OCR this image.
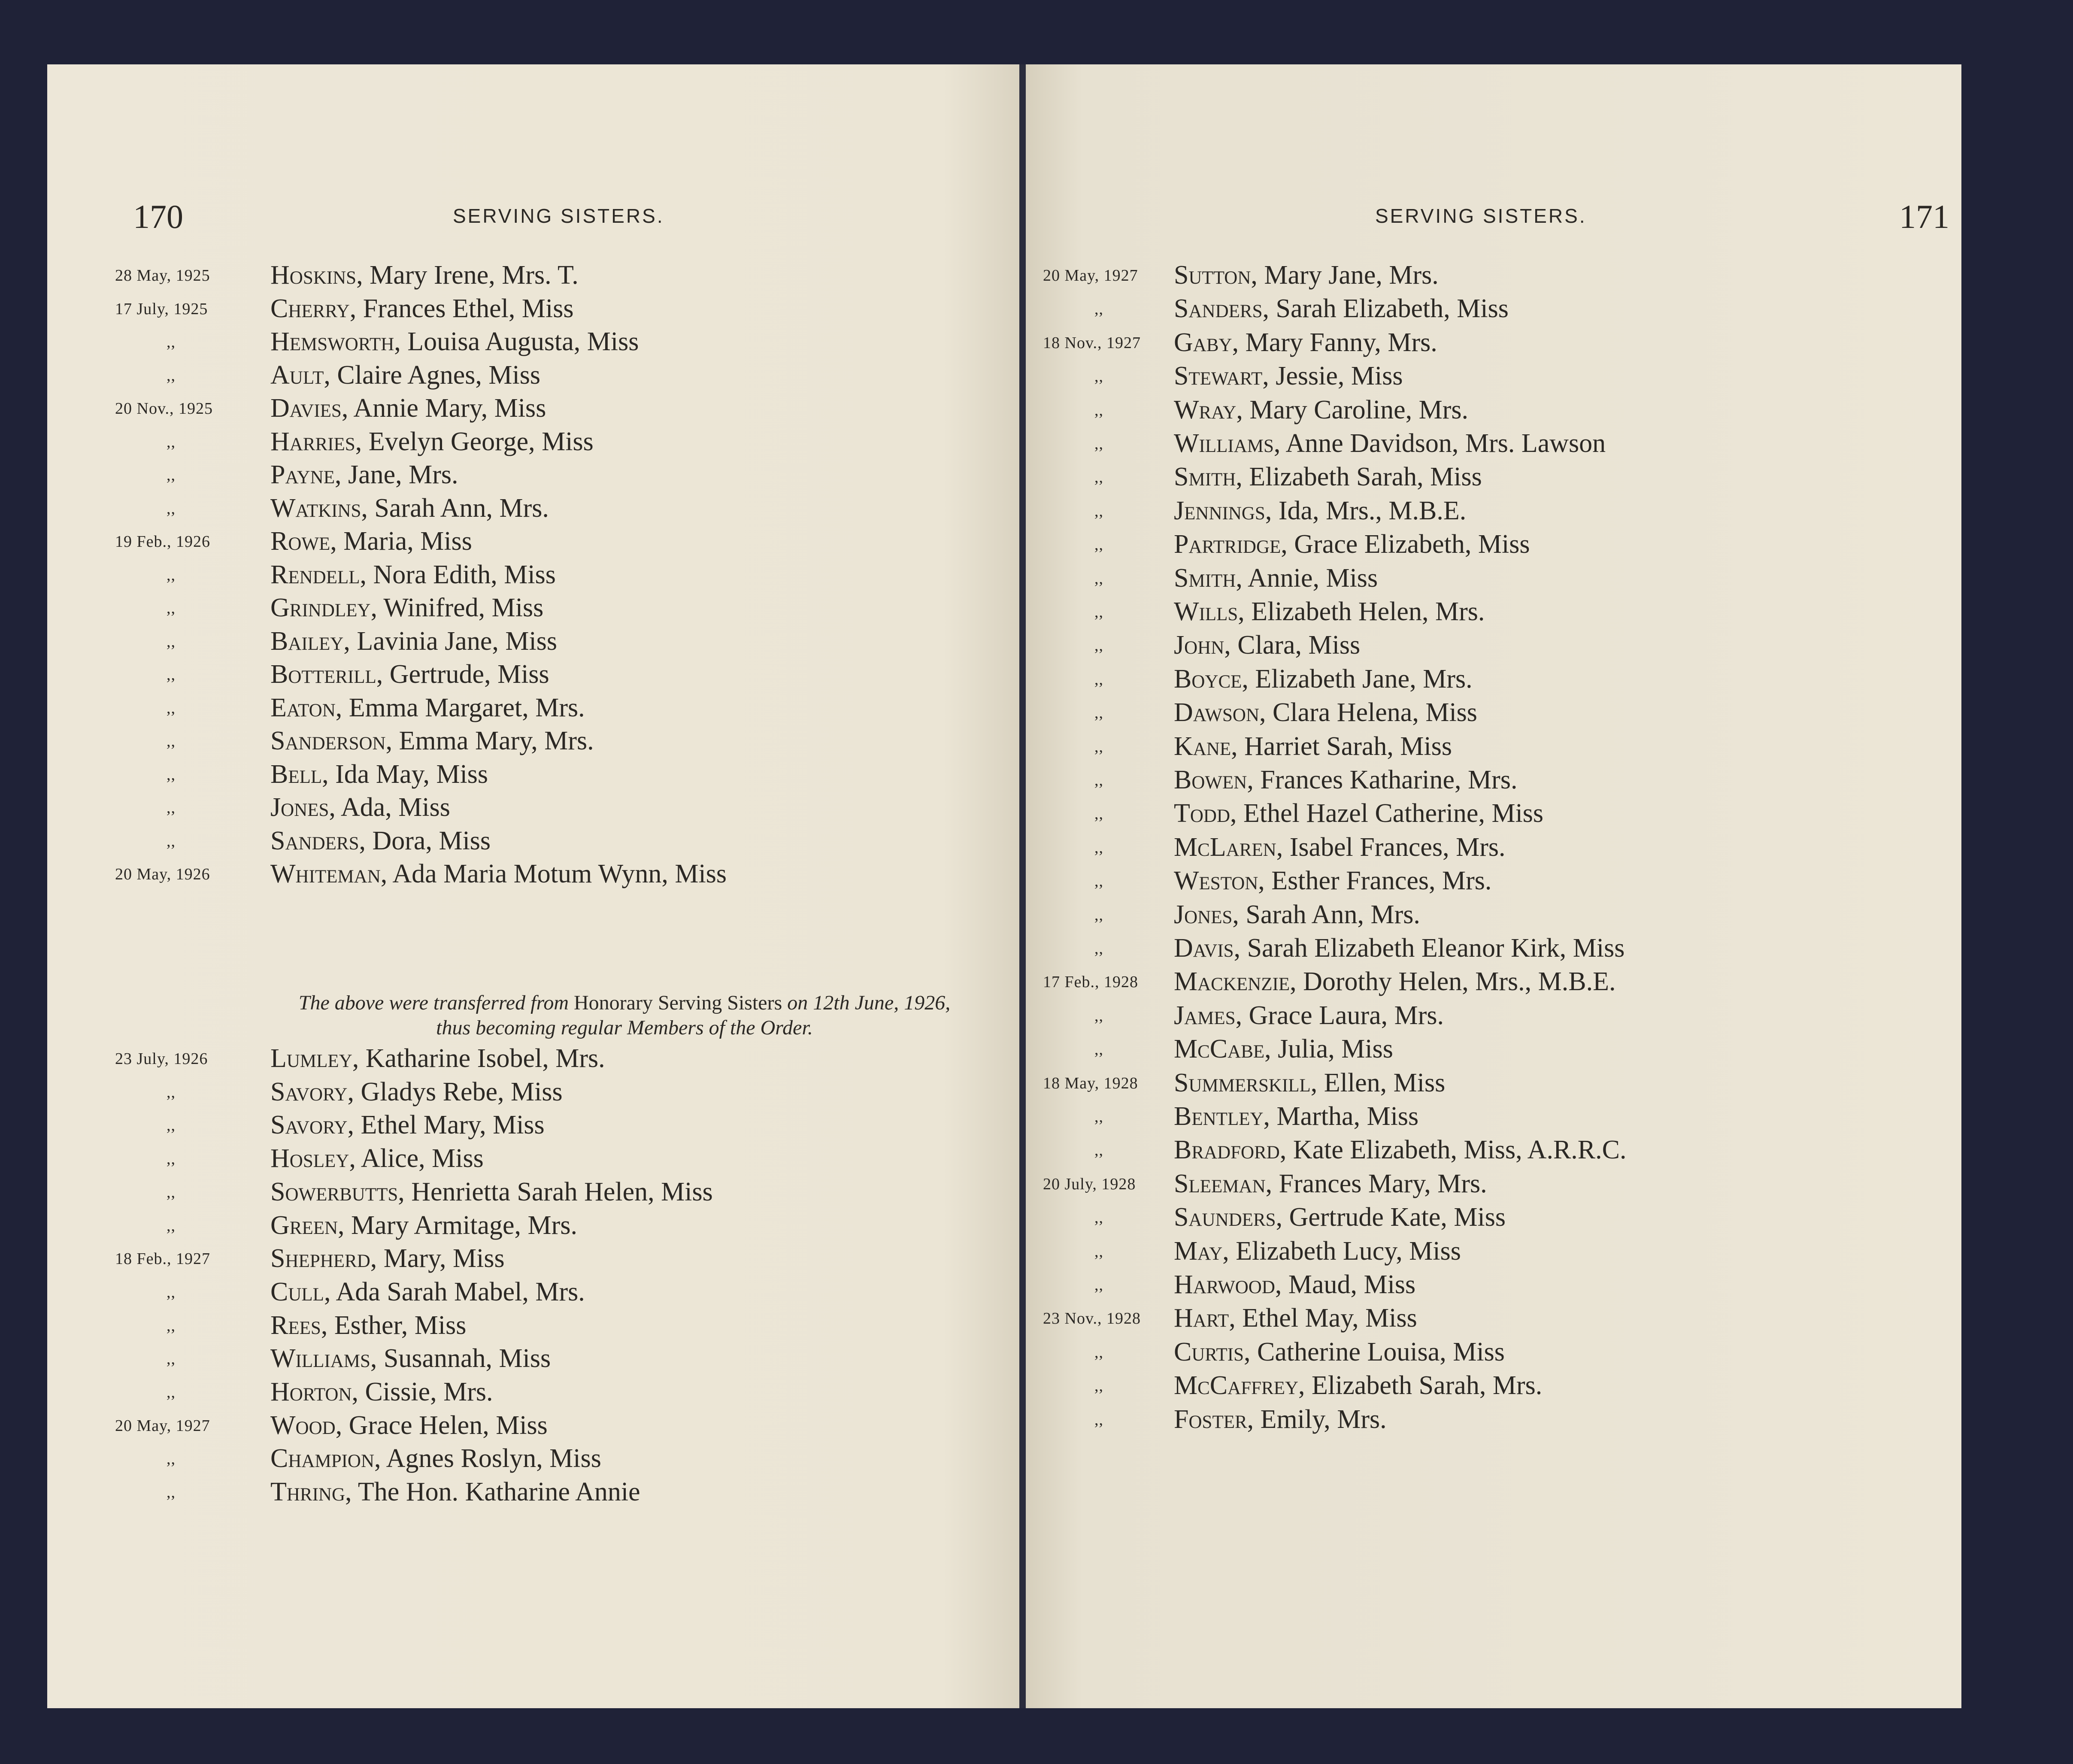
170	SERVING SISTERS.
28 May, 1925 Hoskins, Mary Irene, Mrs. T.
17 July, 1925 Cherry, Frances Ethel, Miss
,,	Hemsworth, Louisa Augusta, Miss
,,	Ault, Claire Agnes, Miss
20 Nov., 1925 Davies, Annie Mary, Miss
,,	Harries, Evelyn George, Miss
,,	Payne, Jane, Mrs.
,,	Watkins, Sarah Ann, Mrs.
19 Feb., 1926 Rowe, Maria, Miss
,,	Rendell, Nora Edith, Miss
,,	Grindley, Winifred, Miss
,,	Bailey, Lavinia Jane, Miss
,,	Botterill, Gertrude, Miss
,,	Eaton, Emma Margaret, Mrs.
,,	Sanderson, Emma Mary, Mrs.
,,	Bell, Ida May, Miss
,,	Jones, Ada, Miss
,,	Sanders, Dora, Miss
20 May, 1926 Whiteman, Ada Maria Motum Wynn, Miss
The above were transferred from Honorary Serving Sisters on 12th June, 1926,
thus becoming regular Members of the Order.
23 July, 1926 Lumley, Katharine Isobel, Mrs.
,,	Savory, Gladys Rebe, Miss
,,	Savory, Ethel Mary, Miss
,,	Hosley, Alice, Miss
,,	Sowerbutts, Henrietta Sarah Helen, Miss
,,	Green, Mary Armitage, Mrs.
18 Feb., 1927 Shepherd, Mary, Miss
,,	Cull, Ada Sarah Mabel, Mrs.
,,	Rees, Esther, Miss
,,	Williams, Susannah, Miss
,,	Horton, Cissie, Mrs.
20 May, 1927 Wood, Grace Helen, Miss
,,	Champion, Agnes Roslyn, Miss
,,	Thring, The Hon. Katharine Annie
SERVING SISTERS.	171
20 May, 1927 Sutton, Mary Jane, Mrs.
,,	Sanders, Sarah Elizabeth, Miss
18 Nov., 1927 Gaby, Mary Fanny, Mrs.
,,	Stewart, Jessie, Miss
,,	Wray, Mary Caroline, Mrs.
,,	Williams, Anne Davidson, Mrs. Lawson
,,	Smith, Elizabeth Sarah, Miss
,,	Jennings, Ida, Mrs., M.B.E.
,,	Partridge, Grace Elizabeth, Miss
,,	Smith, Annie, Miss
,,	Wills, Elizabeth Helen, Mrs.
,,	John, Clara, Miss
,,	Boyce, Elizabeth Jane, Mrs.
,,	Dawson, Clara Helena, Miss
,,	Kane, Harriet Sarah, Miss
,,	Bowen, Frances Katharine, Mrs.
,,	Todd, Ethel Hazel Catherine, Miss
,,	McLaren, Isabel Frances, Mrs.
,,	Weston, Esther Frances, Mrs.
,,	Jones, Sarah Ann, Mrs.
,,	Davis, Sarah Elizabeth Eleanor Kirk, Miss
17 Feb., 1928 Mackenzie, Dorothy Helen, Mrs., M.B.E.
,,	James, Grace Laura, Mrs.
,,	McCabe, Julia, Miss
18 May, 1928 Summerskill, Ellen, Miss
,,	Bentley, Martha, Miss
,,	Bradford, Kate Elizabeth, Miss, A.R.R.C.
20 July, 1928 Sleeman, Frances Mary, Mrs.
,,	Saunders, Gertrude Kate, Miss
,,	May, Elizabeth Lucy, Miss
,,	Harwood, Maud, Miss
23 Nov., 1928 Hart, Ethel May, Miss
,,	Curtis, Catherine Louisa, Miss
,,	McCaffrey, Elizabeth Sarah, Mrs.
,,	Foster, Emily, Mrs.
